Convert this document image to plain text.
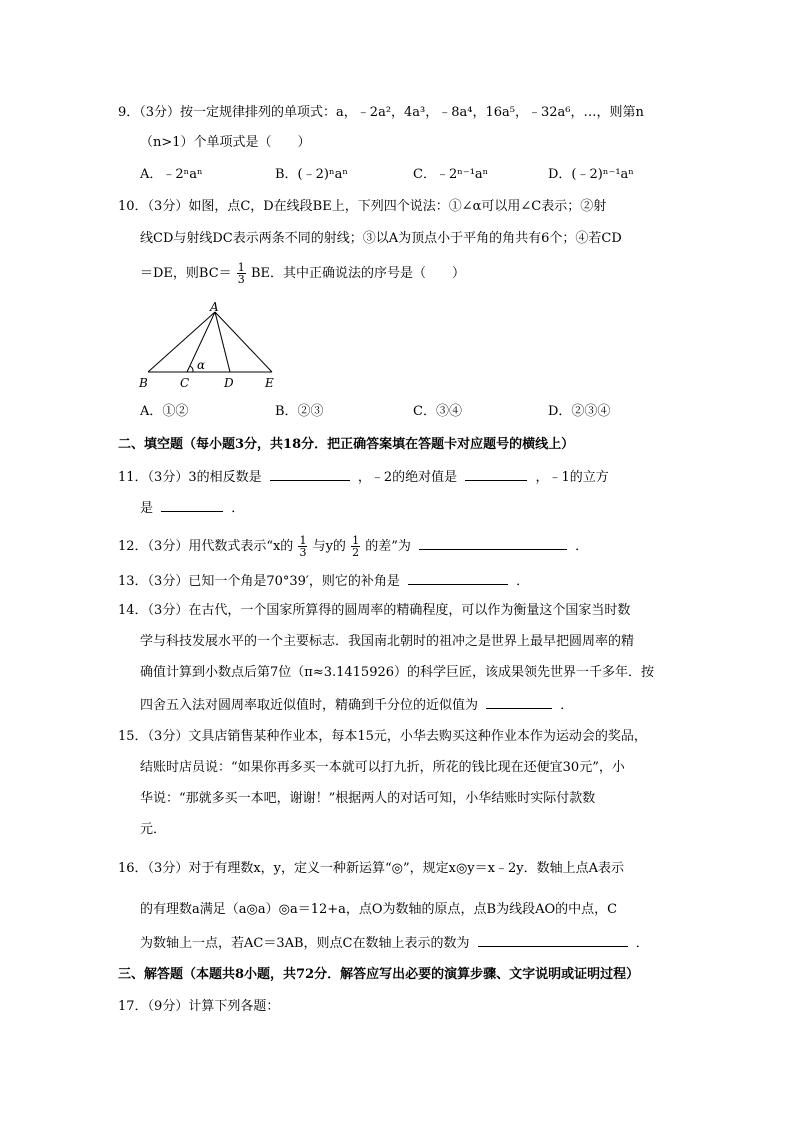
9．（3分）按一定规律排列的单项式：a，﹣2a²，4a³，﹣8a⁴，16a⁵，﹣32a⁶，…，则第n
（n>1）个单项式是（　　）
A．﹣2ⁿaⁿ	B．(﹣2)ⁿaⁿ	C．﹣2ⁿ⁻¹aⁿ	D．(﹣2)ⁿ⁻¹aⁿ
10．（3分）如图，点C，D在线段BE上，下列四个说法：①∠α可以用∠C表示；②射
线CD与射线DC表示两条不同的射线；③以A为顶点小于平角的角共有6个；④若CD
＝DE，则$BC= \frac{1}{3}$ BE．其中正确说法的序号是（　　）
A
B	C	D	E
α
A．①②	B．②③	C．③④	D．②③④
二、填空题（每小题3分，共18分．把正确答案填在答题卡对应题号的横线上）
11．（3分）3的相反数是	，﹣2的绝对值是	，﹣1的立方
是	．
12．（3分）用代数式表示“x的 $\frac{1}{3}$ 与y的 $\frac{1}{2}$ 的差”为	．
13．（3分）已知一个角是70°39′，则它的补角是	．
14．（3分）在古代，一个国家所算得的圆周率的精确程度，可以作为衡量这个国家当时数
学与科技发展水平的一个主要标志．我国南北朝时的祖冲之是世界上最早把圆周率的精
确值计算到小数点后第7位（π≈3.1415926）的科学巨匠，该成果领先世界一千多年．按
四舍五入法对圆周率取近似值时，精确到千分位的近似值为	．
15．（3分）文具店销售某种作业本，每本15元，小华去购买这种作业本作为运动会的奖品，
结账时店员说：“如果你再多买一本就可以打九折，所花的钱比现在还便宜30元”，小
华说：“那就多买一本吧，谢谢！”根据两人的对话可知，小华结账时实际付款数
元．
16．（3分）对于有理数x，y，定义一种新运算“◎”，规定x◎y＝x﹣2y．数轴上点A表示
的有理数a满足（a◎a）◎a＝12+a，点O为数轴的原点，点B为线段AO的中点，C
为数轴上一点，若AC＝3AB，则点C在数轴上表示的数为	．
三、解答题（本题共8小题，共72分．解答应写出必要的演算步骤、文字说明或证明过程）
17．（9分）计算下列各题：
